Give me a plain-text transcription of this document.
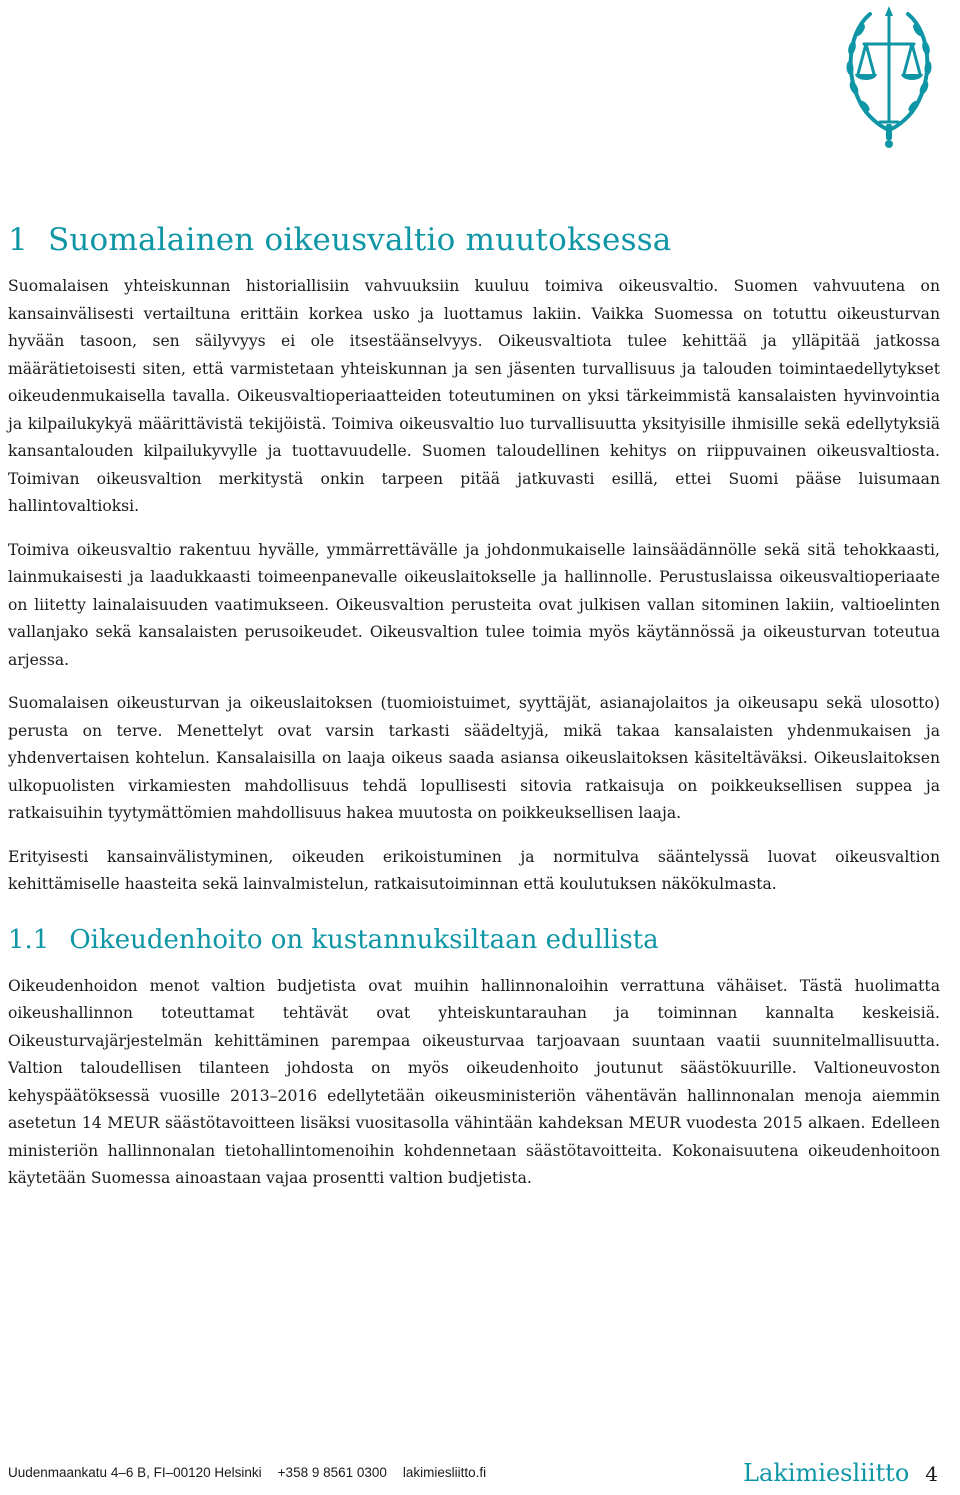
1 Suomalainen oikeusvaltio muutoksessa

Suomalaisen yhteiskunnan historiallisiin vahvuuksiin kuuluu toimiva oikeusvaltio. Suomen vahvuutena on kansainvälisesti vertailtuna erittäin korkea usko ja luottamus lakiin. Vaikka Suomessa on totuttu oikeusturvan hyvään tasoon, sen säilyvyys ei ole itsestäänselvyys. Oikeusvaltiota tulee kehittää ja ylläpitää jatkossa määrätietoisesti siten, että varmistetaan yhteiskunnan ja sen jäsenten turvallisuus ja talouden toimintaedellytykset oikeudenmukaisella tavalla. Oikeusvaltioperiaatteiden toteutuminen on yksi tärkeimmistä kansalaisten hyvinvointia ja kilpailukykyä määrittävistä tekijöistä. Toimiva oikeusvaltio luo turvallisuutta yksityisille ihmisille sekä edellytyksiä kansantalouden kilpailukyvylle ja tuottavuudelle. Suomen taloudellinen kehitys on riippuvainen oikeusvaltiosta. Toimivan oikeusvaltion merkitystä onkin tarpeen pitää jatkuvasti esillä, ettei Suomi pääse luisumaan hallintovaltioksi.

Toimiva oikeusvaltio rakentuu hyvälle, ymmärrettävälle ja johdonmukaiselle lainsäädännölle sekä sitä tehokkaasti, lainmukaisesti ja laadukkaasti toimeenpanevalle oikeuslaitokselle ja hallinnolle. Perustuslaissa oikeusvaltioperiaate on liitetty lainalaisuuden vaatimukseen. Oikeusvaltion perusteita ovat julkisen vallan sitominen lakiin, valtioelinten vallanjako sekä kansalaisten perusoikeudet. Oikeusvaltion tulee toimia myös käytännössä ja oikeusturvan toteutua arjessa.

Suomalaisen oikeusturvan ja oikeuslaitoksen (tuomioistuimet, syyttäjät, asianajolaitos ja oikeusapu sekä ulosotto) perusta on terve. Menettelyt ovat varsin tarkasti säädeltyjä, mikä takaa kansalaisten yhdenmukaisen ja yhdenvertaisen kohtelun. Kansalaisilla on laaja oikeus saada asiansa oikeuslaitoksen käsiteltäväksi. Oikeuslaitoksen ulkopuolisten virkamiesten mahdollisuus tehdä lopullisesti sitovia ratkaisuja on poikkeuksellisen suppea ja ratkaisuihin tyytymättömien mahdollisuus hakea muutosta on poikkeuksellisen laaja.

Erityisesti kansainvälistyminen, oikeuden erikoistuminen ja normitulva sääntelyssä luovat oikeusvaltion kehittämiselle haasteita sekä lainvalmistelun, ratkaisutoiminnan että koulutuksen näkökulmasta.

1.1 Oikeudenhoito on kustannuksiltaan edullista

Oikeudenhoidon menot valtion budjetista ovat muihin hallinnonaloihin verrattuna vähäiset. Tästä huolimatta oikeushallinnon toteuttamat tehtävät ovat yhteiskuntarauhan ja toiminnan kannalta keskeisiä. Oikeusturvajärjestelmän kehittäminen parempaa oikeusturvaa tarjoavaan suuntaan vaatii suunnitelmallisuutta. Valtion taloudellisen tilanteen johdosta on myös oikeudenhoito joutunut säästökuurille. Valtioneuvoston kehyspäätöksessä vuosille 2013–2016 edellytetään oikeusministeriön vähentävän hallinnonalan menoja aiemmin asetetun 14 MEUR säästötavoitteen lisäksi vuositasolla vähintään kahdeksan MEUR vuodesta 2015 alkaen. Edelleen ministeriön hallinnonalan tietohallintomenoihin kohdennetaan säästötavoitteita. Kokonaisuutena oikeudenhoitoon käytetään Suomessa ainoastaan vajaa prosentti valtion budjetista.

Uudenmaankatu 4–6 B, FI–00120 Helsinki +358 9 8561 0300 lakimiesliitto.fi	Lakimiesliitto 4
